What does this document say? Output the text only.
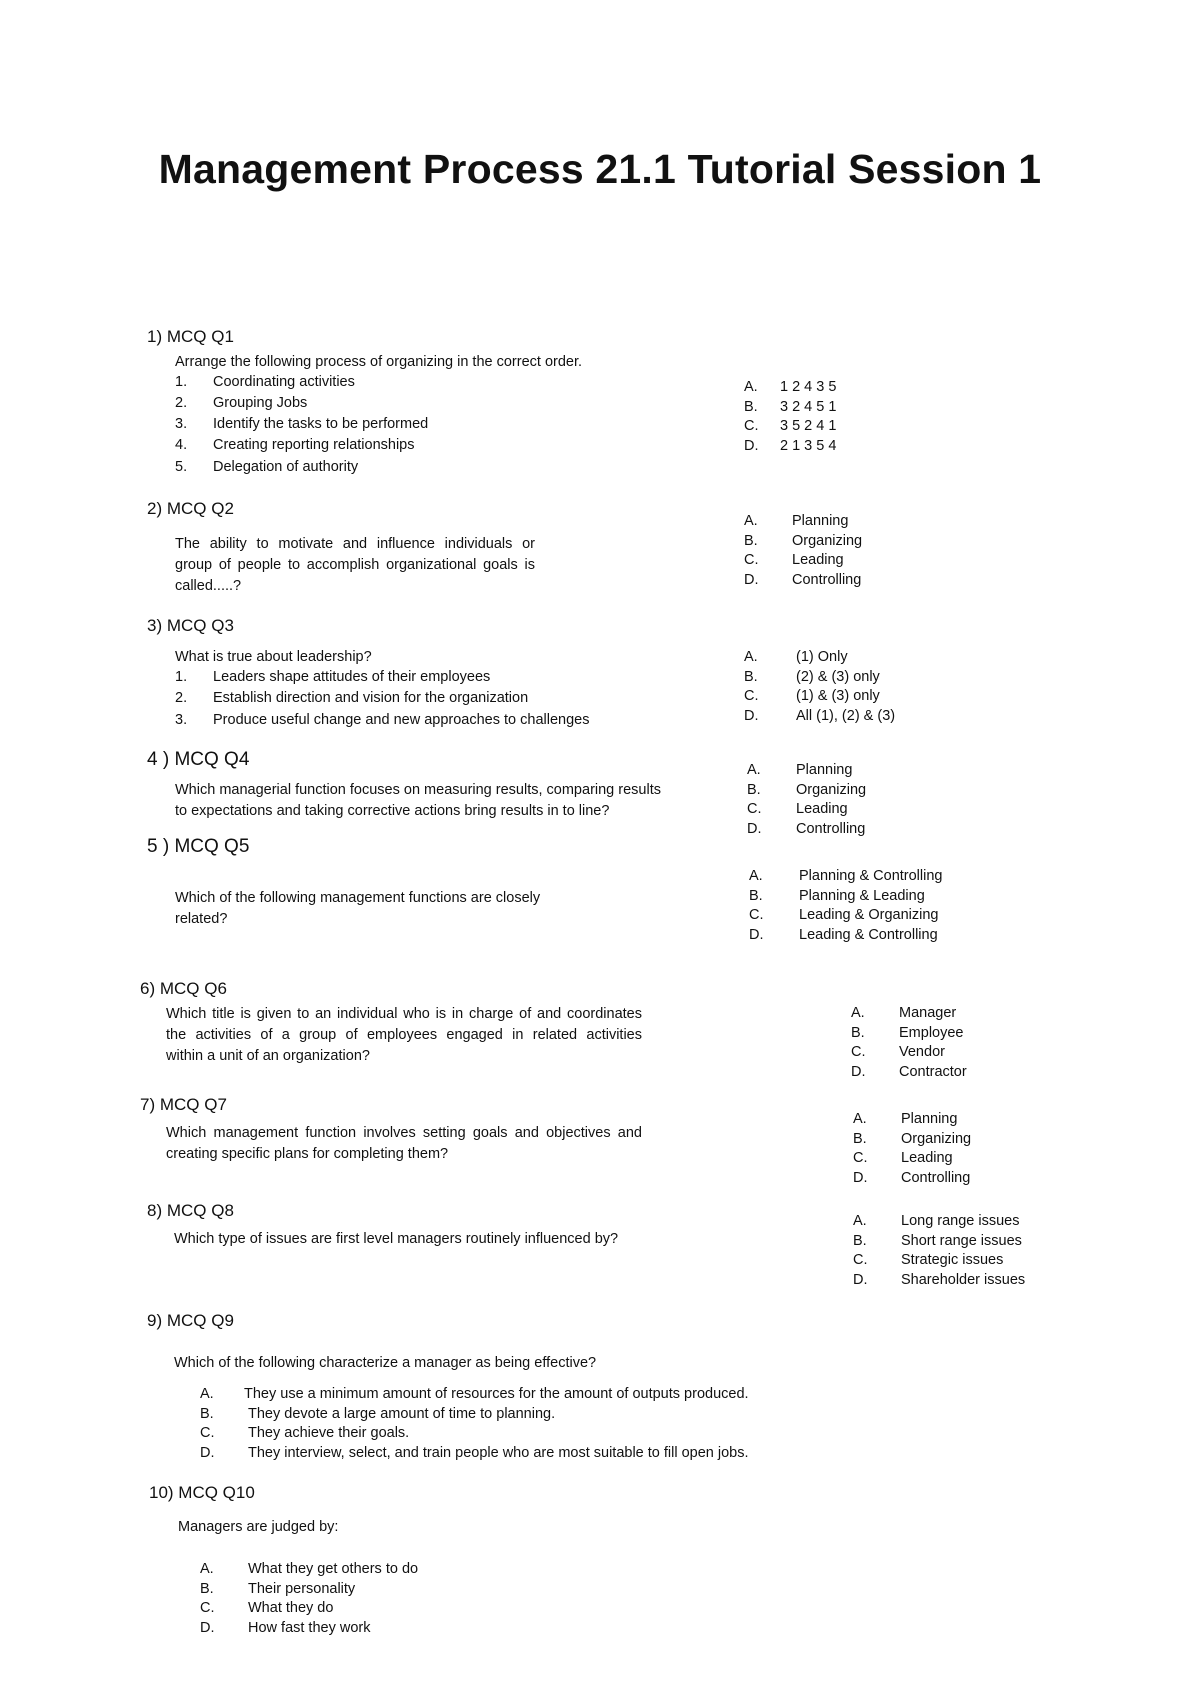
Management Process 21.1 Tutorial Session 1
1) MCQ Q1
Arrange the following process of organizing in the correct order.
1. Coordinating activities
2. Grouping Jobs
3. Identify the tasks to be performed
4. Creating reporting relationships
5. Delegation of authority
A. 1 2 4 3 5
B. 3 2 4 5 1
C. 3 5 2 4 1
D. 2 1 3 5 4
2) MCQ Q2
The ability to motivate and influence individuals or
group of people to accomplish organizational goals is
called.....?
A. Planning
B. Organizing
C. Leading
D. Controlling
3) MCQ Q3
What is true about leadership?
1. Leaders shape attitudes of their employees
2. Establish direction and vision for the organization
3. Produce useful change and new approaches to challenges
A.	(1) Only
B.	(2) & (3) only
C.	(1) & (3) only
D.	All (1), (2) & (3)
4 ) MCQ Q4
Which managerial function focuses on measuring results, comparing results
to expectations and taking corrective actions bring results in to line?
A. Planning
B. Organizing
C. Leading
D. Controlling
5 ) MCQ Q5
Which of the following management functions are closely
related?
A.	Planning & Controlling
B.	Planning & Leading
C. Leading & Organizing
D. Leading & Controlling
6) MCQ Q6
Which title is given to an individual who is in charge of and coordinates
the activities of a group of employees engaged in related activities
within a unit of an organization?
A. Manager
B. Employee
C. Vendor
D. Contractor
7) MCQ Q7
Which management function involves setting goals and objectives and
creating specific plans for completing them?
A. Planning
B. Organizing
C. Leading
D. Controlling
8) MCQ Q8
Which type of issues are first level managers routinely influenced by?
A. Long range issues
B. Short range issues
C. Strategic issues
D. Shareholder issues
9) MCQ Q9
Which of the following characterize a manager as being effective?
A. They use a minimum amount of resources for the amount of outputs produced.
B. They devote a large amount of time to planning.
C. They achieve their goals.
D. They interview, select, and train people who are most suitable to fill open jobs.
10) MCQ Q10
Managers are judged by:
A. What they get others to do
B. Their personality
C. What they do
D. How fast they work
